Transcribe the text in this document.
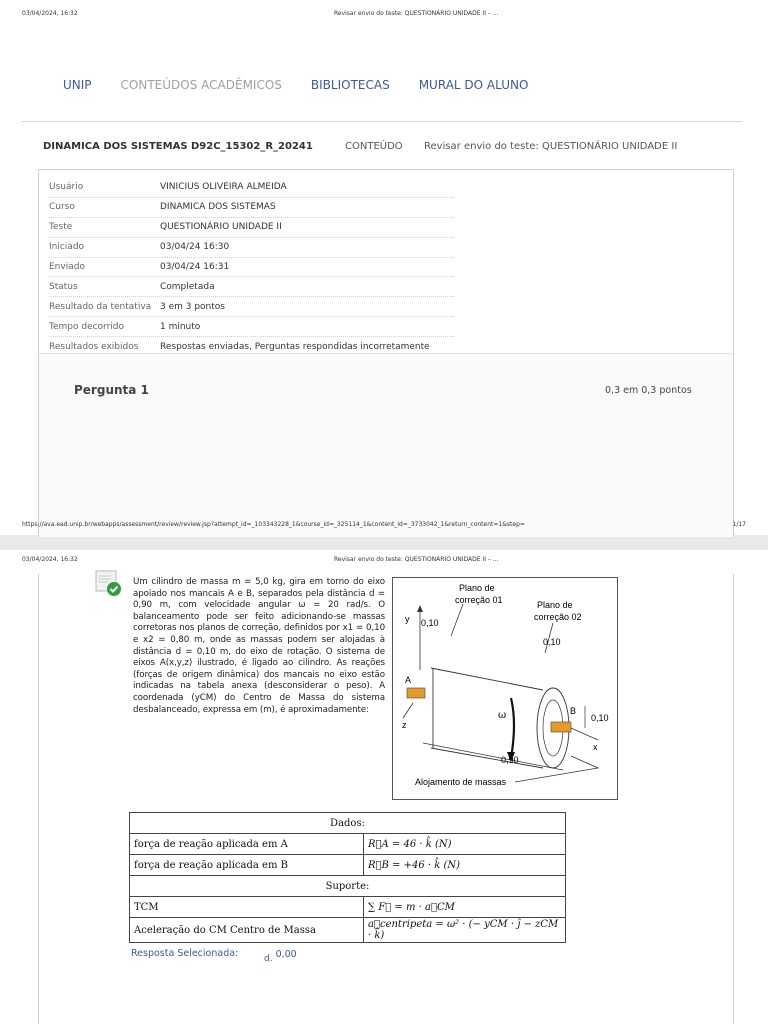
03/04/2024, 16:32	Revisar envio do teste: QUESTIONÁRIO UNIDADE II – ...
UNIP CONTEÚDOS ACADÊMICOS BIBLIOTECAS MURAL DO ALUNO
DINAMICA DOS SISTEMAS D92C_15302_R_20241	CONTEÚDO Revisar envio do teste: QUESTIONÁRIO UNIDADE II
Usuário	VINICIUS OLIVEIRA ALMEIDA
Curso	DINAMICA DOS SISTEMAS
Teste	QUESTIONÁRIO UNIDADE II
Iniciado	03/04/24 16:30
Enviado	03/04/24 16:31
Status	Completada
Resultado da tentativa 3 em 3 pontos
Tempo decorrido	1 minuto
Resultados exibidos	Respostas enviadas, Perguntas respondidas incorretamente
Pergunta 1	0,3 em 0,3 pontos
https://ava.ead.unip.br/webapps/assessment/review/review.jsp?attempt_id=_103343228_1&course_id=_325114_1&content_id=_3733042_1&return_content=1&step=	1/17
03/04/2024, 16:32	Revisar envio do teste: QUESTIONÁRIO UNIDADE II – ...
Um cilindro de massa m = 5,0 kg, gira em torno do eixo apoiado nos mancais A e B, separados pela distância d = 0,90 m, com velocidade angular ω = 20 rad/s. O balanceamento pode ser feito adicionando-se massas corretoras nos planos de correção, definidos por x1 = 0,10 e x2 = 0,80 m, onde as massas podem ser alojadas à distância d = 0,10 m, do eixo de rotação. O sistema de eixos A(x,y,z) ilustrado, é ligado ao cilindro. As reações (forças de origem dinâmica) dos mancais no eixo estão indicadas na tabela anexa (desconsiderar o peso). A coordenada (yCM) do Centro de Massa do sistema desbalanceado, expressa em (m), é aproximadamente:
Plano de
correção 01	Plano de
correção 02
y 0,10
0,10
A
B
z
x
0,10
ω
0,90
Alojamento de massas
Dados:	
força de reação aplicada em A	R⃗A = 46 · k̂ (N)
força de reação aplicada em B	R⃗B = +46 · k̂ (N)
Suporte:	
TCM	∑ F⃗ = m · a⃗CM
Aceleração do CM Centro de Massa	a⃗centripeta = ω² · (− yCM · ĵ − zCM · k̂)
Resposta Selecionada:	d. 0,00
